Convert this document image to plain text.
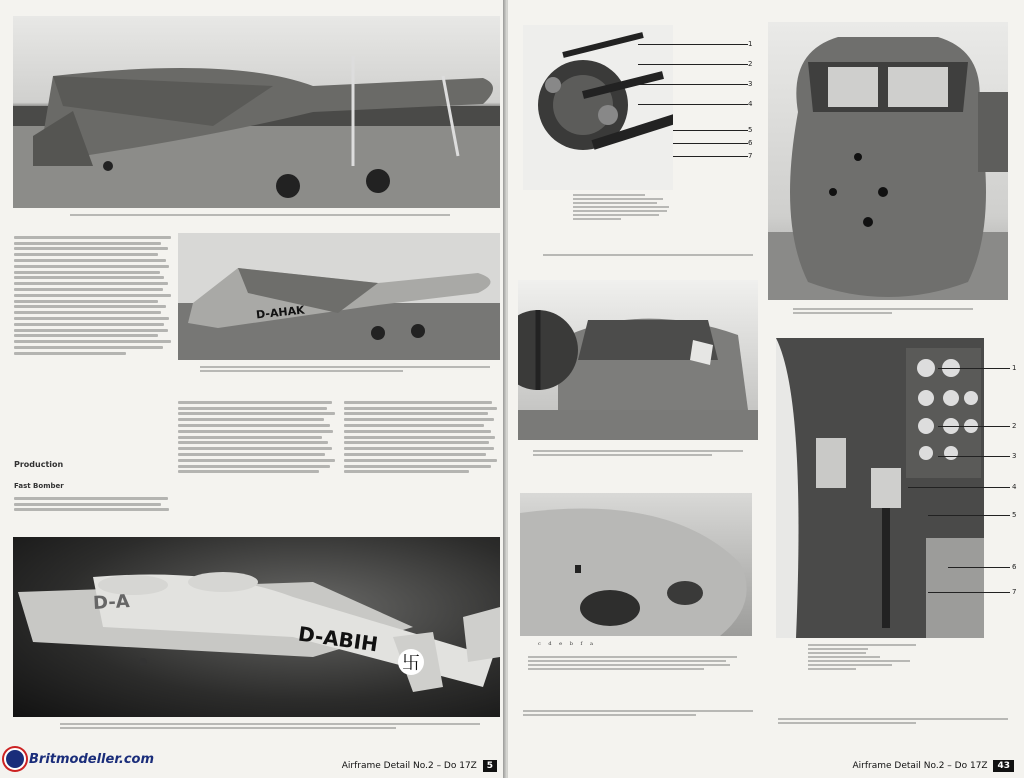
D-AHAK
Production
Fast Bomber
D-A
D-ABIH
卐
Britmodeller.com	Airframe Detail No.2 – Do 17Z 5
1
2
3
4
5
6
7
1
2
3
4
5
6
7
c d e b f a
Airframe Detail No.2 – Do 17Z 43
